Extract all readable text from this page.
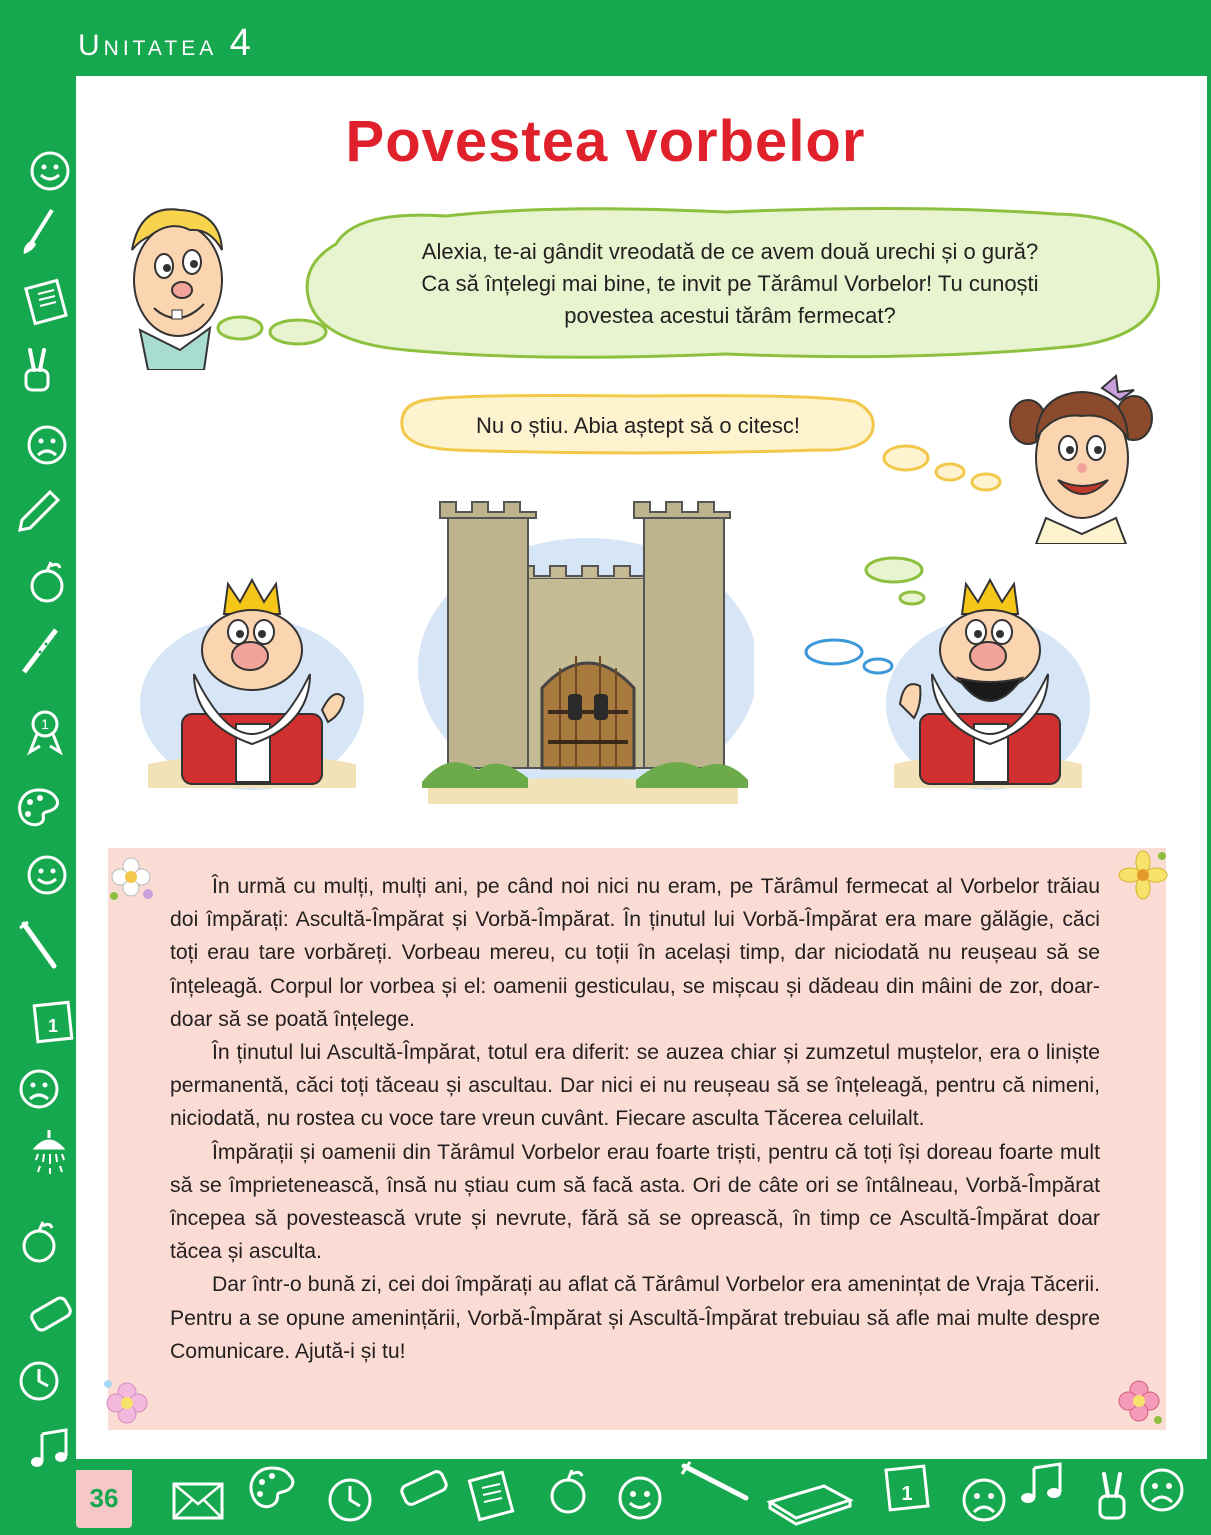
Unitatea 4
36
1
1
1
Povestea vorbelor
Alexia, te-ai gândit vreodată de ce avem două urechi și o gură?
Ca să înțelegi mai bine, te invit pe Tărâmul Vorbelor! Tu cunoști
povestea acestui tărâm fermecat?
Nu o știu. Abia aștept să o citesc!

În urmă cu mulți, mulți ani, pe când noi nici nu eram, pe Tărâmul fermecat al Vorbelor trăiau doi împărați: Ascultă-Împărat și Vorbă-Împărat. În ținutul lui Vorbă-Împărat era mare gălăgie, căci toți erau tare vorbăreți. Vorbeau mereu, cu toții în același timp, dar niciodată nu reușeau să se înțeleagă. Corpul lor vorbea și el: oamenii gesticulau, se mișcau și dădeau din mâini de zor, doar-doar să se poată înțelege.

În ținutul lui Ascultă-Împărat, totul era diferit: se auzea chiar și zumzetul muștelor, era o liniște permanentă, căci toți tăceau și ascultau. Dar nici ei nu reușeau să se înțeleagă, pentru că nimeni, niciodată, nu rostea cu voce tare vreun cuvânt. Fiecare asculta Tăcerea celuilalt.

Împărații și oamenii din Tărâmul Vorbelor erau foarte triști, pentru că toți își doreau foarte mult să se împrietenească, însă nu știau cum să facă asta. Ori de câte ori se întâlneau, Vorbă-Împărat începea să povestească vrute și nevrute, fără să se oprească, în timp ce Ascultă-Împărat doar tăcea și asculta.

Dar într-o bună zi, cei doi împărați au aflat că Tărâmul Vorbelor era amenințat de Vraja Tăcerii. Pentru a se opune amenințării, Vorbă-Împărat și Ascultă-Împărat trebuiau să afle mai multe despre Comunicare. Ajută-i și tu!
